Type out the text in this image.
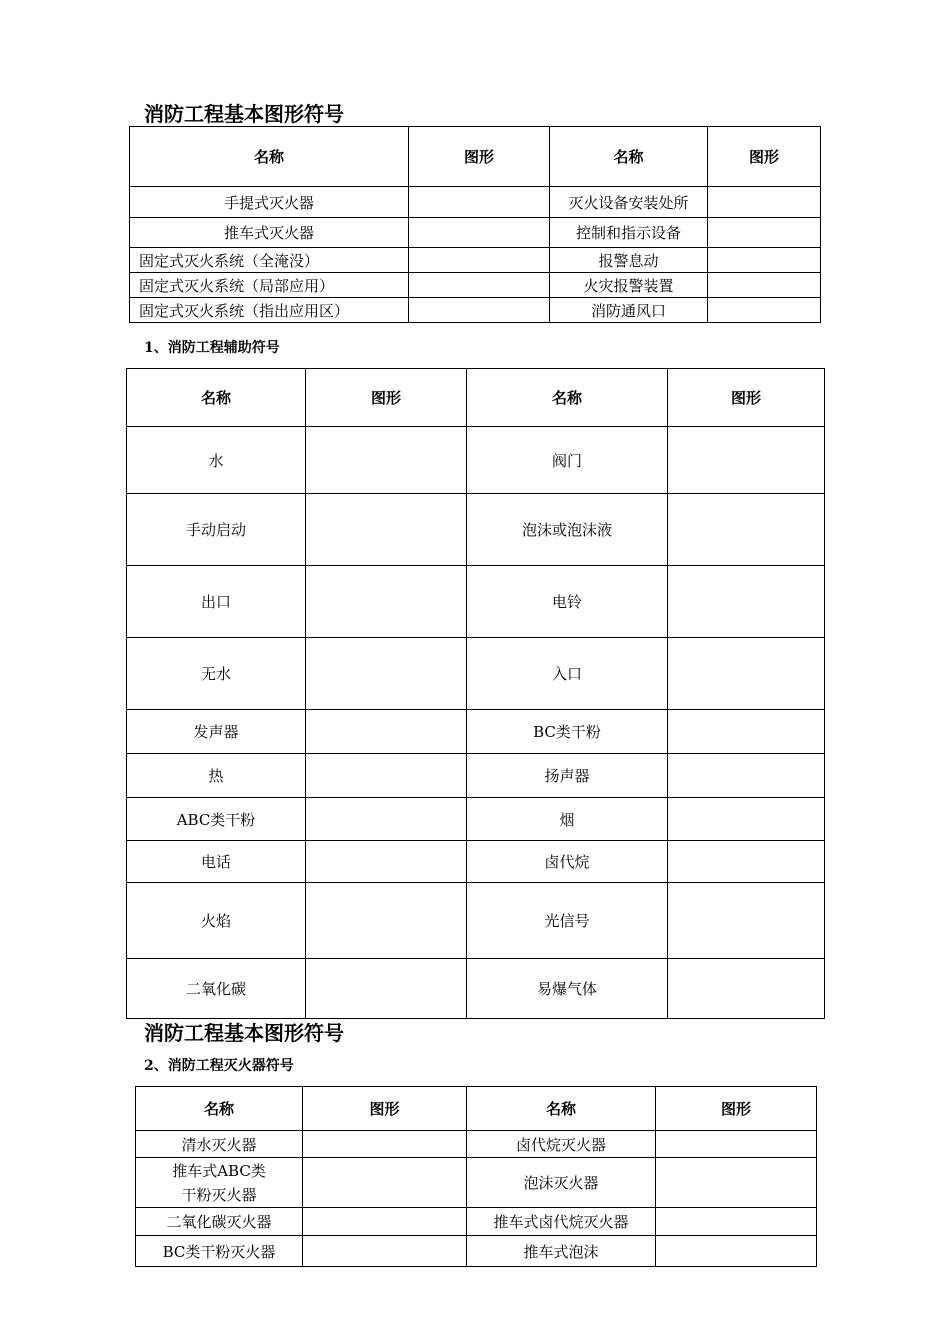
消防工程基本图形符号
名称	图形	名称	图形
手提式灭火器		灭火设备安装处所	
推车式灭火器		控制和指示设备	
固定式灭火系统（全淹没）		报警息动	
固定式灭火系统（局部应用）		火灾报警装置	
固定式灭火系统（指出应用区）		消防通风口	
1、消防工程辅助符号
名称	图形	名称	图形
水		阀门	
手动启动		泡沫或泡沫液	
出口		电铃	
无水		入口	
发声器		BC类干粉	
热		扬声器	
ABC类干粉		烟	
电话		卤代烷	
火焰		光信号	
二氧化碳		易爆气体	
消防工程基本图形符号
2、消防工程灭火器符号
名称	图形	名称	图形
清水灭火器		卤代烷灭火器	
推车式ABC类
干粉灭火器		泡沫灭火器	
二氧化碳灭火器		推车式卤代烷灭火器	
BC类干粉灭火器		推车式泡沫	
